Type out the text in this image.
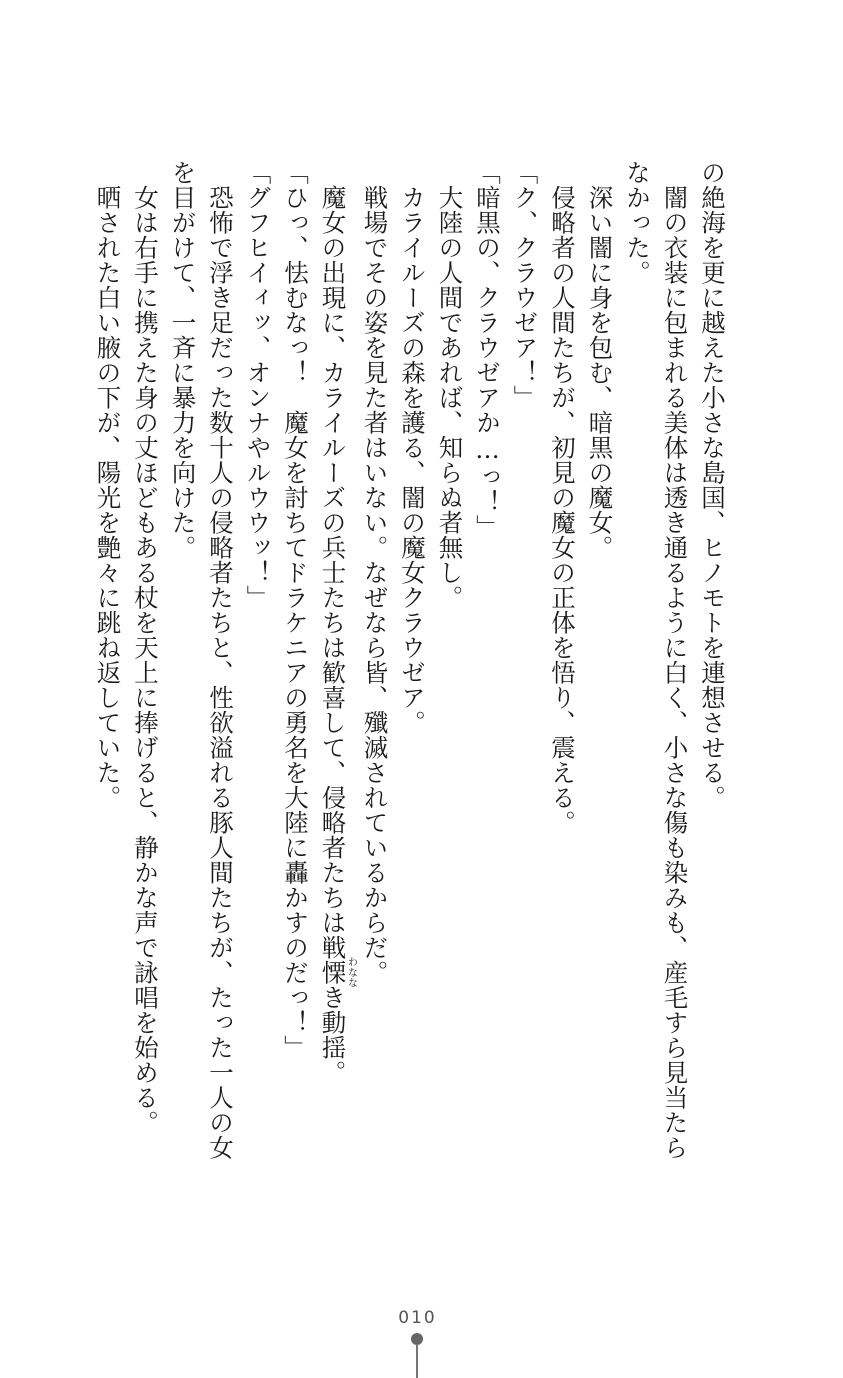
の絶海を更に越えた小さな島国、ヒノモトを連想させる。
　闇の衣装に包まれる美体は透き通るように白く、小さな傷も染みも、産毛すら見当たら
なかった。
　深い闇に身を包む、暗黒の魔女。
　侵略者の人間たちが、初見の魔女の正体を悟り、震える。
「ク、クラウゼア！」
「暗黒の、クラウゼアか…っ！」
　大陸の人間であれば、知らぬ者無し。
　カライルーズの森を護る、闇の魔女クラウゼア。
　戦場でその姿を見た者はいない。なぜなら皆、殲滅されているからだ。
　魔女の出現に、カライルーズの兵士たちは歓喜して、侵略者たちは戦慄わななき動揺。
「ひっ、怯むなっ！　魔女を討ちてドラケニアの勇名を大陸に轟かすのだっ！」
「グフヒイィッ、オンナやルウウッ！」
　恐怖で浮き足だった数十人の侵略者たちと、性欲溢れる豚人間たちが、たった一人の女
を目がけて、一斉に暴力を向けた。
　女は右手に携えた身の丈ほどもある杖を天上に捧げると、静かな声で詠唱を始める。
　晒された白い腋の下が、陽光を艶々に跳ね返していた。
010
